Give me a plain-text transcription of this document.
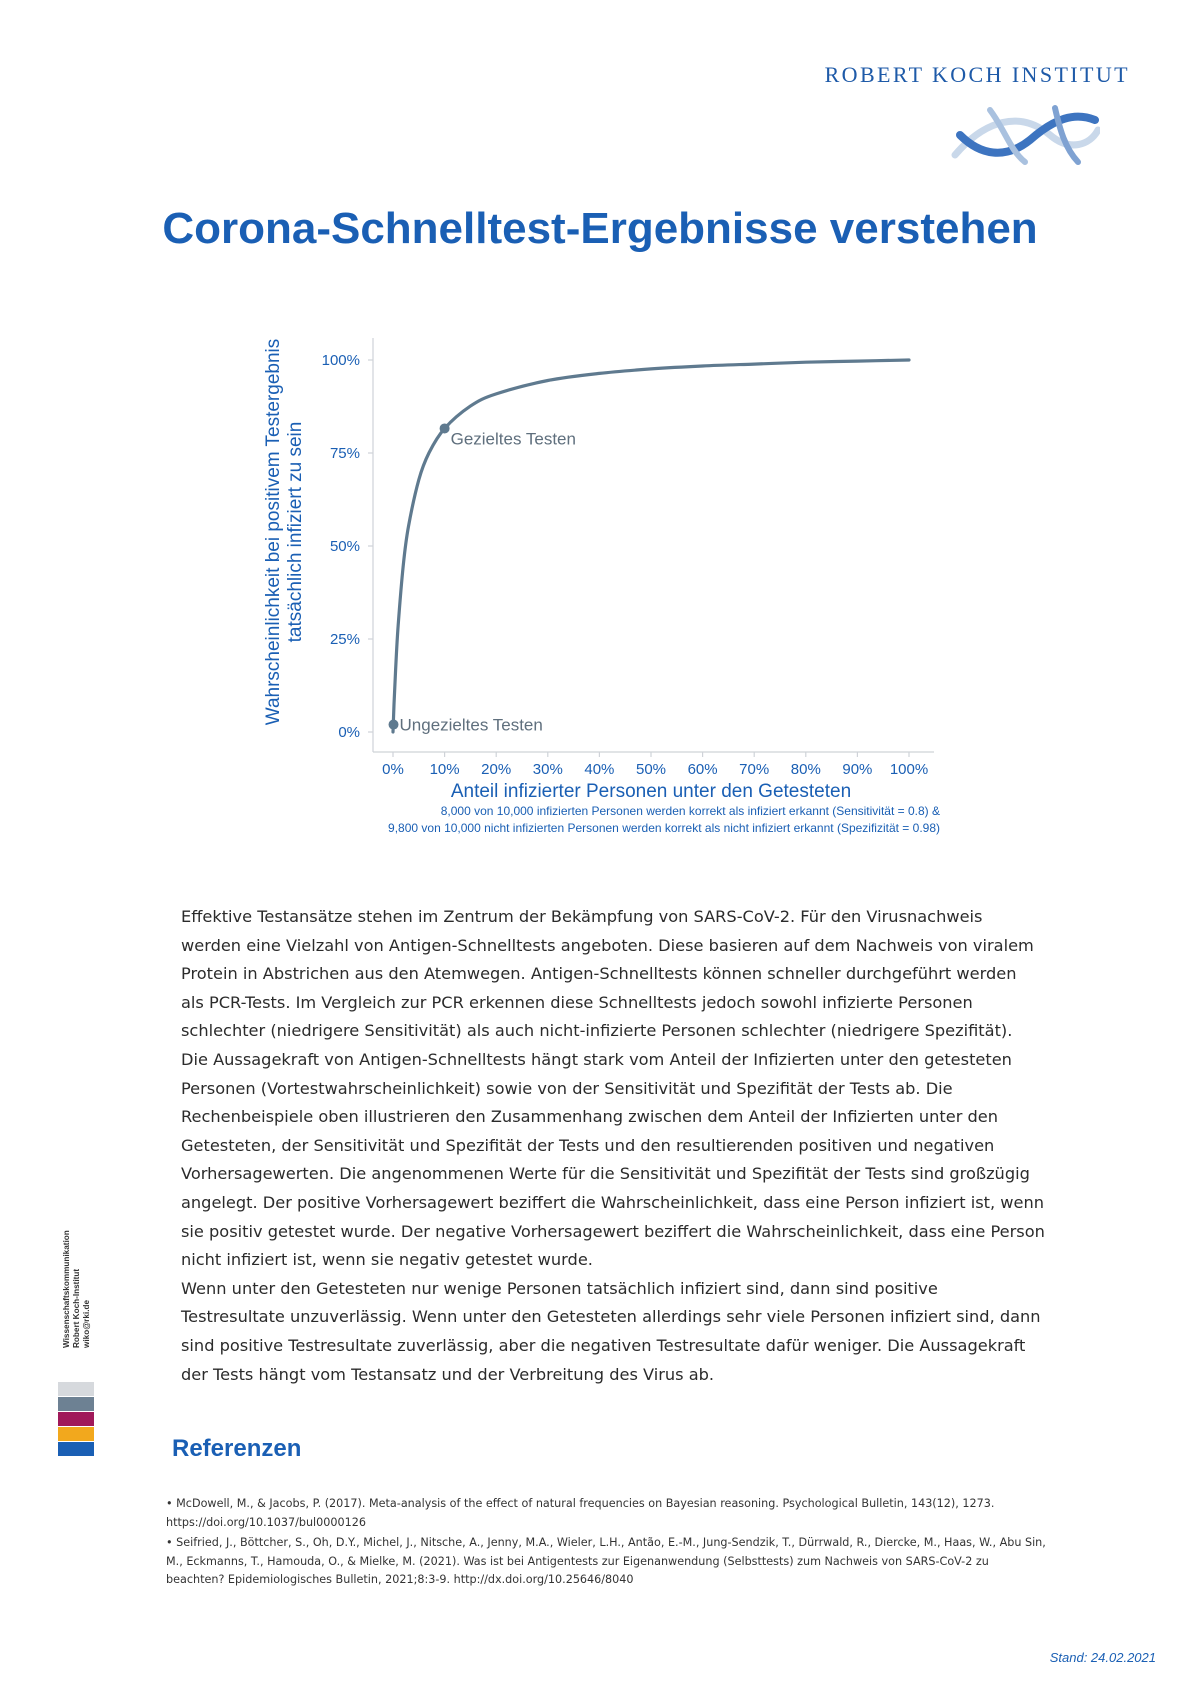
ROBERT KOCH INSTITUT
Corona-Schnelltest-Ergebnisse verstehen
0% 10% 20% 30% 40% 50% 60% 70% 80% 90% 100%
0%
25%
50%
75%
100%
Ungezieltes Testen
Gezieltes Testen
Anteil infizierter Personen unter den Getesteten
Wahrscheinlichkeit bei positivem Testergebnis tatsächlich infiziert zu sein
8,000 von 10,000 infizierten Personen werden korrekt als infiziert erkannt (Sensitivität = 0.8) &
9,800 von 10,000 nicht infizierten Personen werden korrekt als nicht infiziert erkannt (Spezifizität = 0.98)

Effektive Testansätze stehen im Zentrum der Bekämpfung von SARS-CoV-2. Für den Virusnachweis

werden eine Vielzahl von Antigen-Schnelltests angeboten. Diese basieren auf dem Nachweis von viralem

Protein in Abstrichen aus den Atemwegen. Antigen-Schnelltests können schneller durchgeführt werden

als PCR-Tests. Im Vergleich zur PCR erkennen diese Schnelltests jedoch sowohl infizierte Personen

schlechter (niedrigere Sensitivität) als auch nicht-infizierte Personen schlechter (niedrigere Spezifität).

Die Aussagekraft von Antigen-Schnelltests hängt stark vom Anteil der Infizierten unter den getesteten

Personen (Vortestwahrscheinlichkeit) sowie von der Sensitivität und Spezifität der Tests ab. Die

Rechenbeispiele oben illustrieren den Zusammenhang zwischen dem Anteil der Infizierten unter den

Getesteten, der Sensitivität und Spezifität der Tests und den resultierenden positiven und negativen

Vorhersagewerten. Die angenommenen Werte für die Sensitivität und Spezifität der Tests sind großzügig

angelegt. Der positive Vorhersagewert beziffert die Wahrscheinlichkeit, dass eine Person infiziert ist, wenn

sie positiv getestet wurde. Der negative Vorhersagewert beziffert die Wahrscheinlichkeit, dass eine Person

nicht infiziert ist, wenn sie negativ getestet wurde.

Wenn unter den Getesteten nur wenige Personen tatsächlich infiziert sind, dann sind positive

Testresultate unzuverlässig. Wenn unter den Getesteten allerdings sehr viele Personen infiziert sind, dann

sind positive Testresultate zuverlässig, aber die negativen Testresultate dafür weniger. Die Aussagekraft

der Tests hängt vom Testansatz und der Verbreitung des Virus ab.

Referenzen

• McDowell, M., & Jacobs, P. (2017). Meta-analysis of the effect of natural frequencies on Bayesian reasoning. Psychological Bulletin, 143(12), 1273. https://doi.org/10.1037/bul0000126

• Seifried, J., Böttcher, S., Oh, D.Y., Michel, J., Nitsche, A., Jenny, M.A., Wieler, L.H., Antão, E.-M., Jung-Sendzik, T., Dürrwald, R., Diercke, M., Haas, W., Abu Sin, M., Eckmanns, T., Hamouda, O., & Mielke, M. (2021). Was ist bei Antigentests zur Eigenanwendung (Selbsttests) zum Nachweis von SARS-CoV-2 zu beachten? Epidemiologisches Bulletin, 2021;8:3-9. http://dx.doi.org/10.25646/8040

Wissenschaftskommunikation Robert Koch-Institut wiko@rki.de
Stand: 24.02.2021
